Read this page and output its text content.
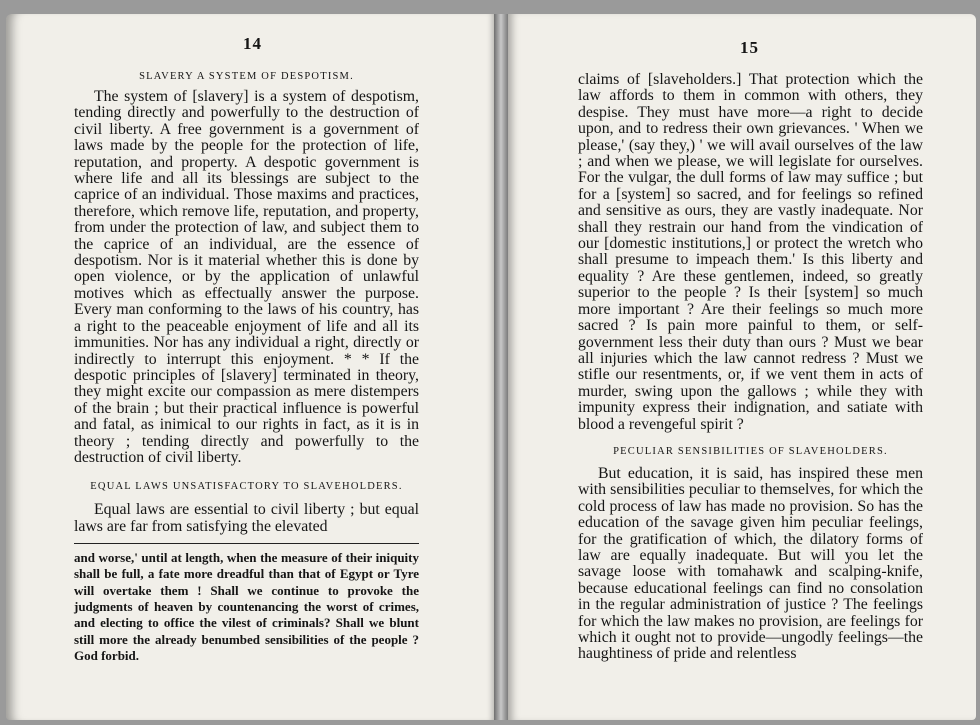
14

SLAVERY A SYSTEM OF DESPOTISM.

The system of [slavery] is a system of despotism, tending directly and powerfully to the destruction of civil liberty. A free government is a government of laws made by the people for the protection of life, reputation, and property. A despotic government is where life and all its blessings are subject to the caprice of an individual. Those maxims and practices, therefore, which remove life, reputation, and property, from under the protection of law, and subject them to the caprice of an individual, are the essence of despotism. Nor is it material whether this is done by open violence, or by the application of unlawful motives which as effectually answer the purpose. Every man conforming to the laws of his country, has a right to the peaceable enjoyment of life and all its immunities. Nor has any individual a right, directly or indirectly to interrupt this enjoyment. * * If the despotic principles of [slavery] terminated in theory, they might excite our compassion as mere distempers of the brain ; but their practical influence is powerful and fatal, as inimical to our rights in fact, as it is in theory ; tending directly and powerfully to the destruction of civil liberty.

EQUAL LAWS UNSATISFACTORY TO SLAVEHOLDERS.

Equal laws are essential to civil liberty ; but equal laws are far from satisfying the elevated

and worse,' until at length, when the measure of their iniquity shall be full, a fate more dreadful than that of Egypt or Tyre will overtake them ! Shall we continue to provoke the judgments of heaven by countenancing the worst of crimes, and electing to office the vilest of criminals? Shall we blunt still more the already benumbed sensibilities of the people ? God forbid.

15

claims of [slaveholders.] That protection which the law affords to them in common with others, they despise. They must have more—a right to decide upon, and to redress their own grievances. ' When we please,' (say they,) ' we will avail ourselves of the law ; and when we please, we will legislate for ourselves. For the vulgar, the dull forms of law may suffice ; but for a [system] so sacred, and for feelings so refined and sensitive as ours, they are vastly inadequate. Nor shall they restrain our hand from the vindication of our [domestic institutions,] or protect the wretch who shall presume to impeach them.' Is this liberty and equality ? Are these gentlemen, indeed, so greatly superior to the people ? Is their [system] so much more important ? Are their feelings so much more sacred ? Is pain more painful to them, or self-government less their duty than ours ? Must we bear all injuries which the law cannot redress ? Must we stifle our resentments, or, if we vent them in acts of murder, swing upon the gallows ; while they with impunity express their indignation, and satiate with blood a revengeful spirit ?

PECULIAR SENSIBILITIES OF SLAVEHOLDERS.

But education, it is said, has inspired these men with sensibilities peculiar to themselves, for which the cold process of law has made no provision. So has the education of the savage given him peculiar feelings, for the gratification of which, the dilatory forms of law are equally inadequate. But will you let the savage loose with tomahawk and scalping-knife, because educational feelings can find no consolation in the regular administration of justice ? The feelings for which the law makes no provision, are feelings for which it ought not to provide—ungodly feelings—the haughtiness of pride and relentless
